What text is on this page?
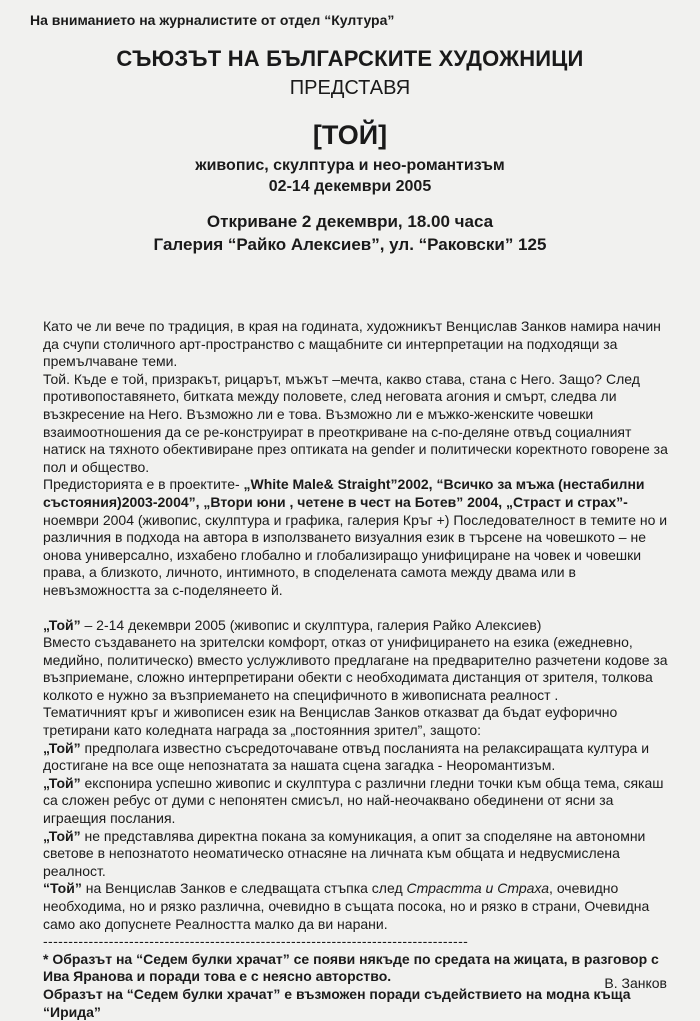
На вниманието на журналистите от отдел “Култура”
СЪЮЗЪТ НА БЪЛГАРСКИТЕ ХУДОЖНИЦИ
ПРЕДСТАВЯ
[ТОЙ]
живопис, скулптура и нео-романтизъм
02-14 декември 2005
Откриване 2 декември, 18.00 часа
Галерия “Райко Алексиев”, ул. “Раковски” 125

Като че ли вече по традиция, в края на годината, художникът Венцислав Занков намира начин да счупи столичного арт-пространство с мащабните си интерпретации на подходящи за премълчаване теми.

Той. Къде е той, призракът, рицарът, мъжът –мечта, какво става, стана с Него. Защо? След противопоставянето, битката между половете, след неговата агония и смърт, следва ли възкресение на Него. Възможно ли е това. Възможно ли е мъжко-женските човешки взаимоотношения да се ре-конструират в преоткриване на с-по-деляне отвъд социалният натиск на тяхното обективиране през оптиката на gender и политически коректното говорене за пол и общество.

Предисторията е в проектите- „White Male& Straight”2002, “Всичко за мъжа (нестабилни състояния)2003-2004”, „Втори юни , четене в чест на Ботев” 2004, „Страст и страх”- ноември 2004 (живопис, скулптура и графика, галерия Кръг +) Последователност в темите но и различния в подхода на автора в използването визуалния език в търсене на човешкото – не онова универсално, изхабено глобално и глобализиращо унифициране на човек и човешки права, а близкото, личното, интимното, в споделената самота между двама или в невъзможността за с-поделянеето й.

„Той” – 2-14 декември 2005 (живопис и скулптура, галерия Райко Алексиев)

Вместо създаването на зрителски комфорт, отказ от унифицирането на езика (ежедневно, медийно, политическо) вместо услужливото предлагане на предварително разчетени кодове за възприемане, сложно интерпретирани обекти с необходимата дистанция от зрителя, толкова колкото е нужно за възприемането на специфичното в живописната реалност .

Тематичният кръг и живописен език на Венцислав Занков отказват да бъдат еуфорично третирани като коледната награда за „постоянния зрител”, защото:

„Той” предполага известно съсредоточаване отвъд посланията на релаксиращата култура и достигане на все още непознатата за нашата сцена загадка - Неоромантизъм.

„Той” експонира успешно живопис и скулптура с различни гледни точки към обща тема, сякаш са сложен ребус от думи с непонятен смисъл, но най-неочаквано обединени от ясни за играещия послания.

„Той” не представлява директна покана за комуникация, а опит за споделяне на автономни светове в непознатото неоматическо отнасяне на личната към общата и недвусмислена реалност.

“Той” на Венцислав Занков е следващата стъпка след Страстта и Страха, очевидно необходима, но и рязко различна, очевидно в същата посока, но и рязко в страни, Очевидна само ако допуснете Реалността малко да ви нарани.

------------------------------------------------------------------------------------

* Образът на “Седем булки храчат” се появи някъде по средата на жицата, в разговор с Ива Яранова и поради това е с неясно авторство.

Образът на “Седем булки храчат” е възможен поради съдействието на модна къща “Ирида”

В. Занков
